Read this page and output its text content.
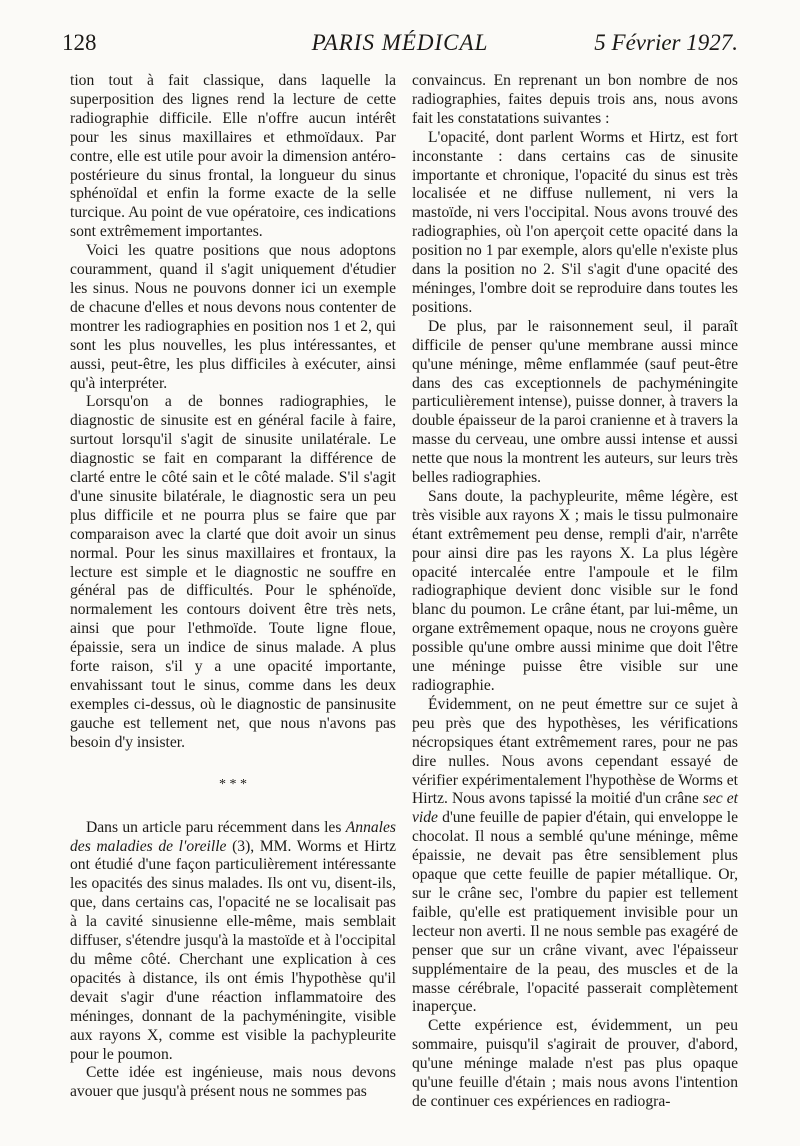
128	PARIS MÉDICAL	5 Février 1927.

tion tout à fait classique, dans laquelle la superposition des lignes rend la lecture de cette radiographie difficile. Elle n'offre aucun intérêt pour les sinus maxillaires et ethmoïdaux. Par contre, elle est utile pour avoir la dimension antéro-postérieure du sinus frontal, la longueur du sinus sphénoïdal et enfin la forme exacte de la selle turcique. Au point de vue opératoire, ces indications sont extrêmement importantes.

Voici les quatre positions que nous adoptons couramment, quand il s'agit uniquement d'étudier les sinus. Nous ne pouvons donner ici un exemple de chacune d'elles et nous devons nous contenter de montrer les radiographies en position nos 1 et 2, qui sont les plus nouvelles, les plus intéressantes, et aussi, peut-être, les plus difficiles à exécuter, ainsi qu'à interpréter.

Lorsqu'on a de bonnes radiographies, le diagnostic de sinusite est en général facile à faire, surtout lorsqu'il s'agit de sinusite unilatérale. Le diagnostic se fait en comparant la différence de clarté entre le côté sain et le côté malade. S'il s'agit d'une sinusite bilatérale, le diagnostic sera un peu plus difficile et ne pourra plus se faire que par comparaison avec la clarté que doit avoir un sinus normal. Pour les sinus maxillaires et frontaux, la lecture est simple et le diagnostic ne souffre en général pas de difficultés. Pour le sphénoïde, normalement les contours doivent être très nets, ainsi que pour l'ethmoïde. Toute ligne floue, épaissie, sera un indice de sinus malade. A plus forte raison, s'il y a une opacité importante, envahissant tout le sinus, comme dans les deux exemples ci-dessus, où le diagnostic de pansinusite gauche est tellement net, que nous n'avons pas besoin d'y insister.

* * *

Dans un article paru récemment dans les Annales des maladies de l'oreille (3), MM. Worms et Hirtz ont étudié d'une façon particulièrement intéressante les opacités des sinus malades. Ils ont vu, disent-ils, que, dans certains cas, l'opacité ne se localisait pas à la cavité sinusienne elle-même, mais semblait diffuser, s'étendre jusqu'à la mastoïde et à l'occipital du même côté. Cherchant une explication à ces opacités à distance, ils ont émis l'hypothèse qu'il devait s'agir d'une réaction inflammatoire des méninges, donnant de la pachyméningite, visible aux rayons X, comme est visible la pachypleurite pour le poumon.

Cette idée est ingénieuse, mais nous devons avouer que jusqu'à présent nous ne sommes pas

convaincus. En reprenant un bon nombre de nos radiographies, faites depuis trois ans, nous avons fait les constatations suivantes :

L'opacité, dont parlent Worms et Hirtz, est fort inconstante : dans certains cas de sinusite importante et chronique, l'opacité du sinus est très localisée et ne diffuse nullement, ni vers la mastoïde, ni vers l'occipital. Nous avons trouvé des radiographies, où l'on aperçoit cette opacité dans la position no 1 par exemple, alors qu'elle n'existe plus dans la position no 2. S'il s'agit d'une opacité des méninges, l'ombre doit se reproduire dans toutes les positions.

De plus, par le raisonnement seul, il paraît difficile de penser qu'une membrane aussi mince qu'une méninge, même enflammée (sauf peut-être dans des cas exceptionnels de pachyméningite particulièrement intense), puisse donner, à travers la double épaisseur de la paroi cranienne et à travers la masse du cerveau, une ombre aussi intense et aussi nette que nous la montrent les auteurs, sur leurs très belles radiographies.

Sans doute, la pachypleurite, même légère, est très visible aux rayons X ; mais le tissu pulmonaire étant extrêmement peu dense, rempli d'air, n'arrête pour ainsi dire pas les rayons X. La plus légère opacité intercalée entre l'ampoule et le film radiographique devient donc visible sur le fond blanc du poumon. Le crâne étant, par lui-même, un organe extrêmement opaque, nous ne croyons guère possible qu'une ombre aussi minime que doit l'être une méninge puisse être visible sur une radiographie.

Évidemment, on ne peut émettre sur ce sujet à peu près que des hypothèses, les vérifications nécropsiques étant extrêmement rares, pour ne pas dire nulles. Nous avons cependant essayé de vérifier expérimentalement l'hypothèse de Worms et Hirtz. Nous avons tapissé la moitié d'un crâne sec et vide d'une feuille de papier d'étain, qui enveloppe le chocolat. Il nous a semblé qu'une méninge, même épaissie, ne devait pas être sensiblement plus opaque que cette feuille de papier métallique. Or, sur le crâne sec, l'ombre du papier est tellement faible, qu'elle est pratiquement invisible pour un lecteur non averti. Il ne nous semble pas exagéré de penser que sur un crâne vivant, avec l'épaisseur supplémentaire de la peau, des muscles et de la masse cérébrale, l'opacité passerait complètement inaperçue.

Cette expérience est, évidemment, un peu sommaire, puisqu'il s'agirait de prouver, d'abord, qu'une méninge malade n'est pas plus opaque qu'une feuille d'étain ; mais nous avons l'intention de continuer ces expériences en radiogra-
